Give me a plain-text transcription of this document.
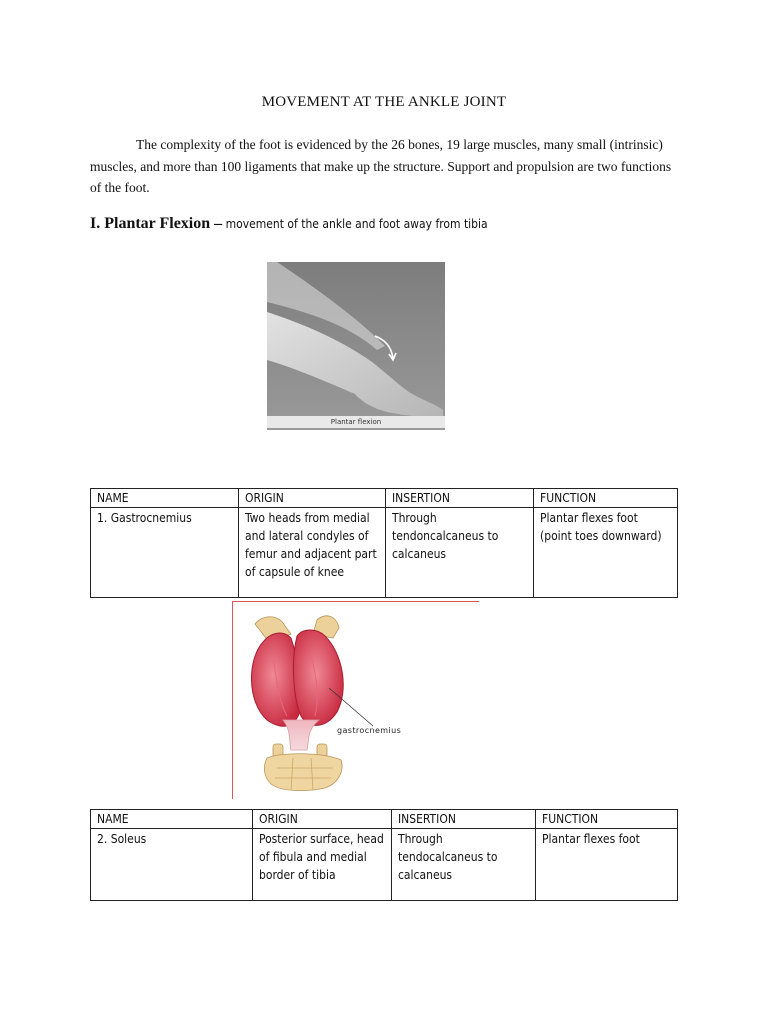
MOVEMENT AT THE ANKLE JOINT
The complexity of the foot is evidenced by the 26 bones, 19 large muscles, many small (intrinsic) muscles, and more than 100 ligaments that make up the structure. Support and propulsion are two functions of the foot.
I. Plantar Flexion – movement of the ankle and foot away from tibia
Plantar flexion
NAME	ORIGIN	INSERTION	FUNCTION
1. Gastrocnemius	Two heads from medial and lateral condyles of femur and adjacent part of capsule of knee	Through tendoncalcaneus to calcaneus	Plantar flexes foot (point toes downward)
gastrocnemius
NAME	ORIGIN	INSERTION	FUNCTION
2. Soleus	Posterior surface, head of fibula and medial border of tibia	Through tendocalcaneus to calcaneus	Plantar flexes foot
